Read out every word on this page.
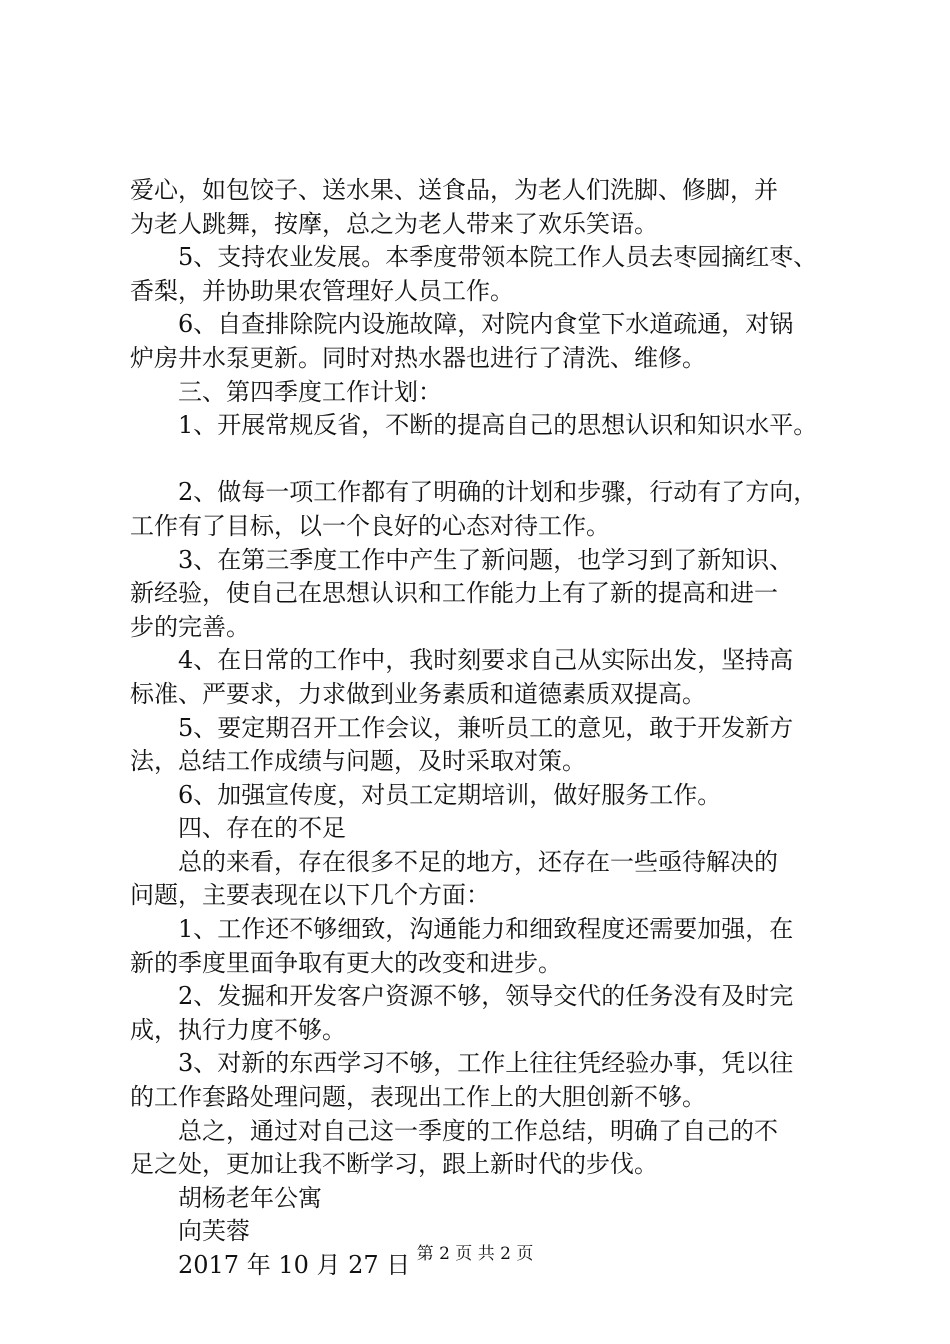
爱心，如包饺子、送水果、送食品，为老人们洗脚、修脚，并
为老人跳舞，按摩，总之为老人带来了欢乐笑语。
5、支持农业发展。本季度带领本院工作人员去枣园摘红枣、
香梨，并协助果农管理好人员工作。
6、自查排除院内设施故障，对院内食堂下水道疏通，对锅
炉房井水泵更新。同时对热水器也进行了清洗、维修。
三、第四季度工作计划：
1、开展常规反省，不断的提高自己的思想认识和知识水平。
2、做每一项工作都有了明确的计划和步骤，行动有了方向，
工作有了目标，以一个良好的心态对待工作。
3、在第三季度工作中产生了新问题，也学习到了新知识、
新经验，使自己在思想认识和工作能力上有了新的提高和进一
步的完善。
4、在日常的工作中，我时刻要求自己从实际出发，坚持高
标准、严要求，力求做到业务素质和道德素质双提高。
5、要定期召开工作会议，兼听员工的意见，敢于开发新方
法，总结工作成绩与问题，及时采取对策。
6、加强宣传度，对员工定期培训，做好服务工作。
四、存在的不足
总的来看，存在很多不足的地方，还存在一些亟待解决的
问题，主要表现在以下几个方面：
1、工作还不够细致，沟通能力和细致程度还需要加强，在
新的季度里面争取有更大的改变和进步。
2、发掘和开发客户资源不够，领导交代的任务没有及时完
成，执行力度不够。
3、对新的东西学习不够，工作上往往凭经验办事，凭以往
的工作套路处理问题，表现出工作上的大胆创新不够。
总之，通过对自己这一季度的工作总结，明确了自己的不
足之处，更加让我不断学习，跟上新时代的步伐。
胡杨老年公寓
向芙蓉
2017 年 10 月 27 日 第 2 页 共 2 页
